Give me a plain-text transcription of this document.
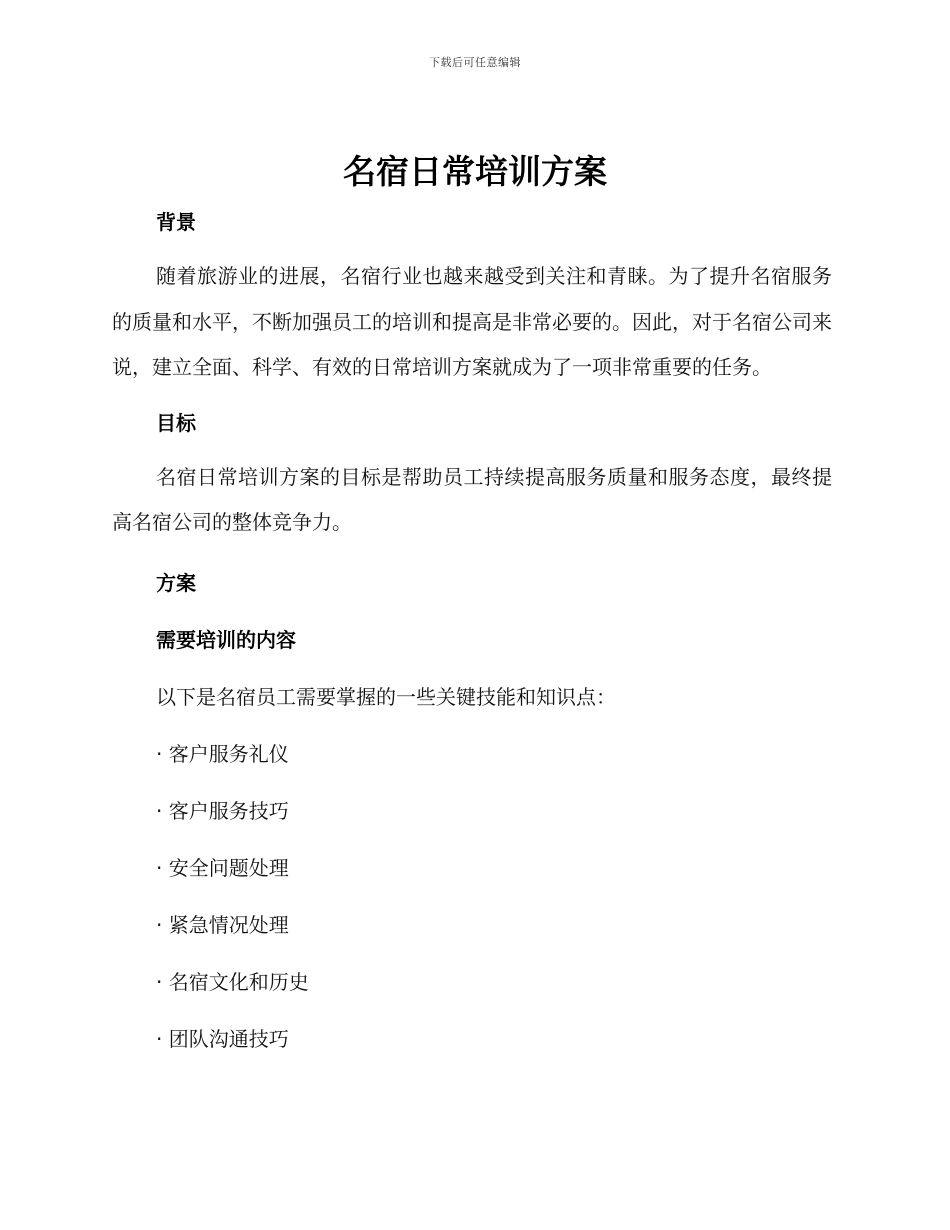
下载后可任意编辑
名宿日常培训方案
背景

随着旅游业的进展，名宿行业也越来越受到关注和青睐。为了提升名宿服务的质量和水平，不断加强员工的培训和提高是非常必要的。因此，对于名宿公司来说，建立全面、科学、有效的日常培训方案就成为了一项非常重要的任务。

目标

名宿日常培训方案的目标是帮助员工持续提高服务质量和服务态度，最终提高名宿公司的整体竞争力。

方案
需要培训的内容
以下是名宿员工需要掌握的一些关键技能和知识点：
· 客户服务礼仪
· 客户服务技巧
· 安全问题处理
· 紧急情况处理
· 名宿文化和历史
· 团队沟通技巧
